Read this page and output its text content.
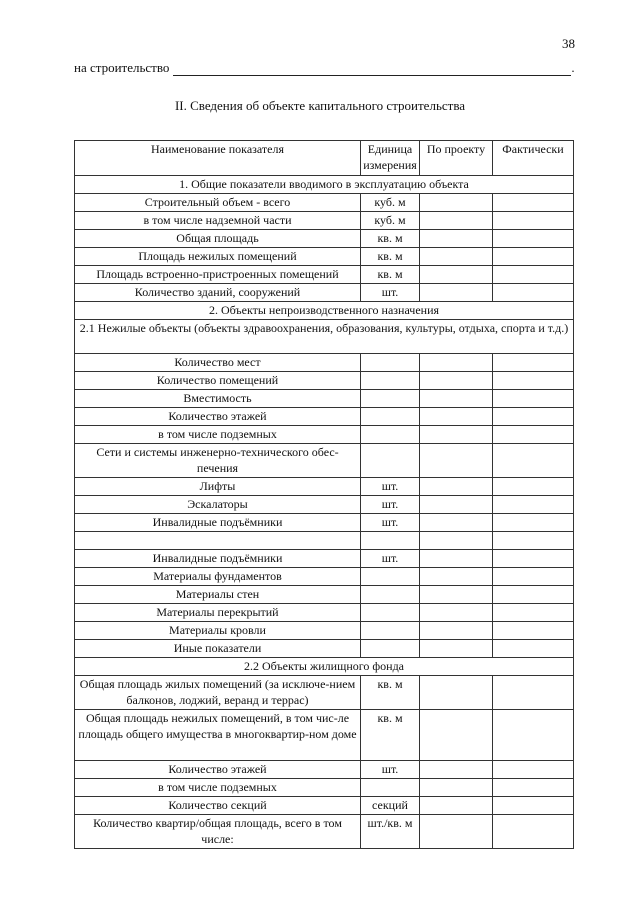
38
на строительство	.
II. Сведения об объекте капитального строительства
Наименование показателя	Единица измерения	По проекту	Фактически
1. Общие показатели вводимого в эксплуатацию объекта			
Строительный объем - всего	куб. м		
в том числе надземной части	куб. м		
Общая площадь	кв. м		
Площадь нежилых помещений	кв. м		
Площадь встроенно-пристроенных помещений	кв. м		
Количество зданий, сооружений	шт.		
2. Объекты непроизводственного назначения			
2.1 Нежилые объекты (объекты здравоохранения, образования, культуры, отдыха, спорта и т.д.)			
Количество мест			
Количество помещений			
Вместимость			
Количество этажей			
в том числе подземных			
Сети и системы инженерно-технического обес-печения			
Лифты	шт.		
Эскалаторы	шт.		
Инвалидные подъёмники	шт.		

Инвалидные подъёмники	шт.		
Материалы фундаментов			
Материалы стен			
Материалы перекрытий			
Материалы кровли			
Иные показатели			
2.2 Объекты жилищного фонда			
Общая площадь жилых помещений (за исключе-нием балконов, лоджий, веранд и террас)	кв. м		
Общая площадь нежилых помещений, в том чис-ле площадь общего имущества в многоквартир-ном доме	кв. м		
Количество этажей	шт.		
в том числе подземных			
Количество секций	секций		
Количество квартир/общая площадь, всего в том числе:	шт./кв. м		
